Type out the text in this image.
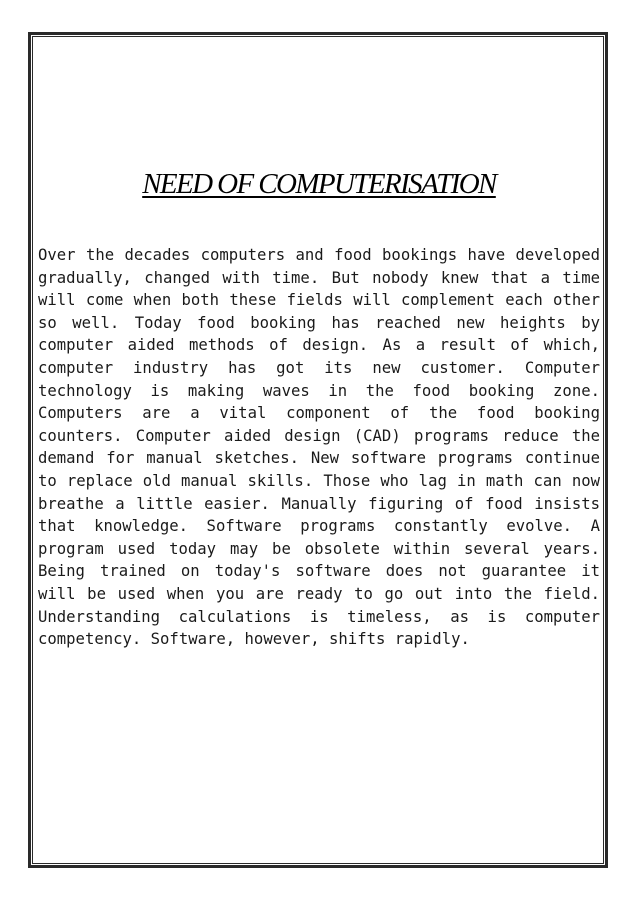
NEED OF COMPUTERISATION

Over the decades computers and food bookings have developed gradually, changed with time. But nobody knew that a time will come when both these fields will complement each other so well. Today food booking has reached new heights by computer aided methods of design. As a result of which, computer industry has got its new customer. Computer technology is making waves in the food booking zone. Computers are a vital component of the food booking counters. Computer aided design (CAD) programs reduce the demand for manual sketches. New software programs continue to replace old manual skills. Those who lag in math can now breathe a little easier. Manually figuring of food insists that knowledge. Software programs constantly evolve. A program used today may be obsolete within several years. Being trained on today's software does not guarantee it will be used when you are ready to go out into the field. Understanding calculations is timeless, as is computer competency. Software, however, shifts rapidly.
